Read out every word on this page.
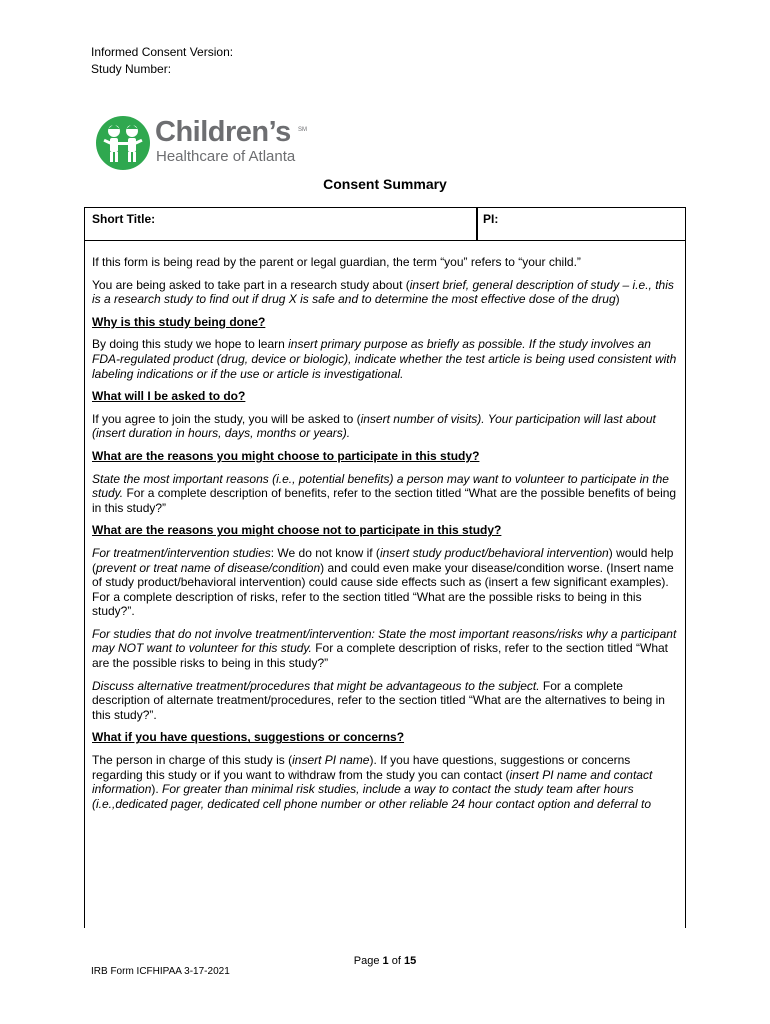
Informed Consent Version:
Study Number:
Children’s SM
Healthcare of Atlanta
Consent Summary
Short Title:	PI:

If this form is being read by the parent or legal guardian, the term “you” refers to “your child.”

You are being asked to take part in a research study about (insert brief, general description of study – i.e., this is a research study to find out if drug X is safe and to determine the most effective dose of the drug)

Why is this study being done?

By doing this study we hope to learn insert primary purpose as briefly as possible. If the study involves an FDA-regulated product (drug, device or biologic), indicate whether the test article is being used consistent with labeling indications or if the use or article is investigational.

What will I be asked to do?

If you agree to join the study, you will be asked to (insert number of visits). Your participation will last about (insert duration in hours, days, months or years).

What are the reasons you might choose to participate in this study?

State the most important reasons (i.e., potential benefits) a person may want to volunteer to participate in the study. For a complete description of benefits, refer to the section titled “What are the possible benefits of being in this study?”

What are the reasons you might choose not to participate in this study?

For treatment/intervention studies: We do not know if (insert study product/behavioral intervention) would help (prevent or treat name of disease/condition) and could even make your disease/condition worse. (Insert name of study product/behavioral intervention) could cause side effects such as (insert a few significant examples). For a complete description of risks, refer to the section titled “What are the possible risks to being in this study?”.

For studies that do not involve treatment/intervention: State the most important reasons/risks why a participant may NOT want to volunteer for this study. For a complete description of risks, refer to the section titled “What are the possible risks to being in this study?”

Discuss alternative treatment/procedures that might be advantageous to the subject. For a complete description of alternate treatment/procedures, refer to the section titled “What are the alternatives to being in this study?”.

What if you have questions, suggestions or concerns?

The person in charge of this study is (insert PI name). If you have questions, suggestions or concerns regarding this study or if you want to withdraw from the study you can contact (insert PI name and contact information). For greater than minimal risk studies, include a way to contact the study team after hours (i.e.,dedicated pager, dedicated cell phone number or other reliable 24 hour contact option and deferral to

Page 1 of 15
IRB Form ICFHIPAA 3-17-2021
